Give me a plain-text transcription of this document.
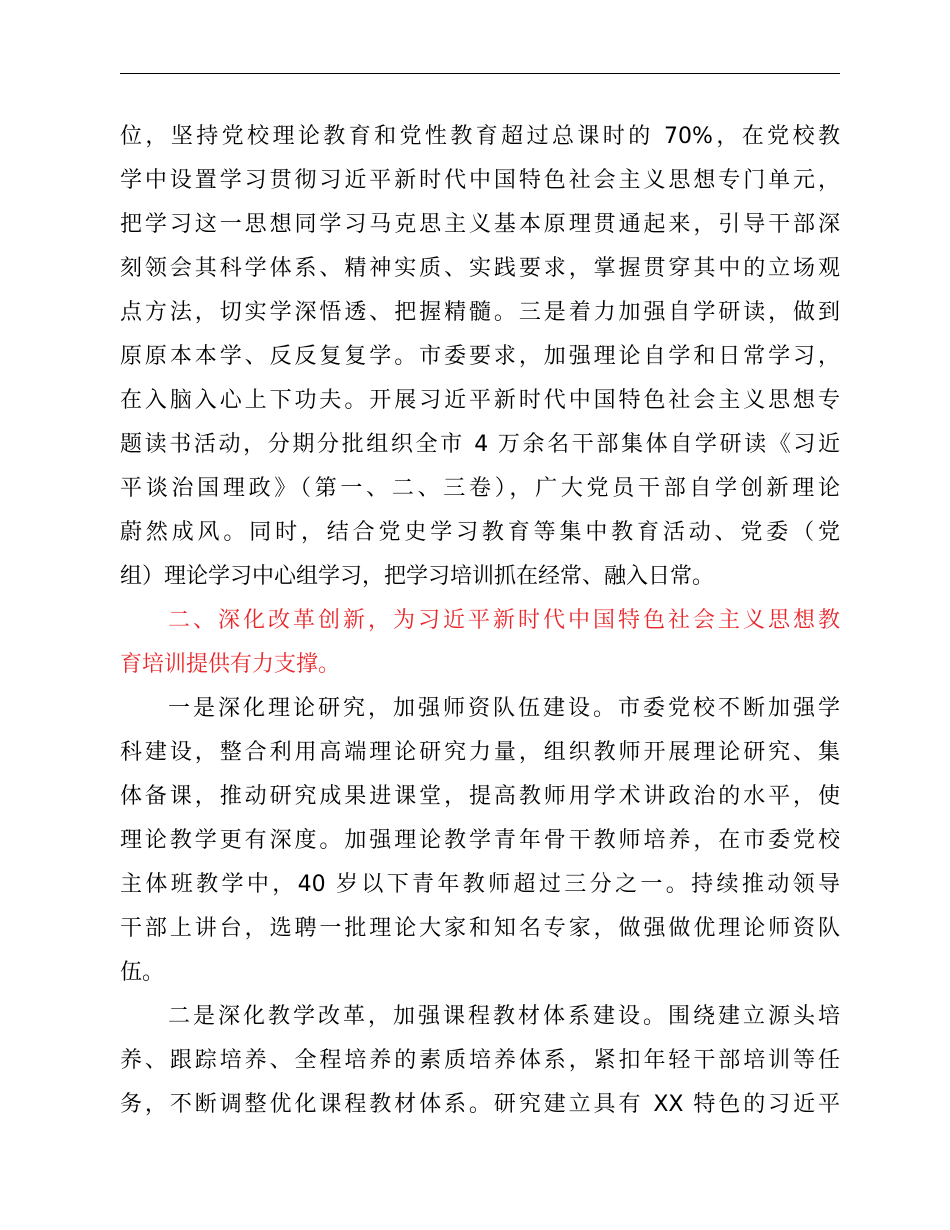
位，坚持党校理论教育和党性教育超过总课时的 70%，在党校教
学中设置学习贯彻习近平新时代中国特色社会主义思想专门单元，
把学习这一思想同学习马克思主义基本原理贯通起来，引导干部深
刻领会其科学体系、精神实质、实践要求，掌握贯穿其中的立场观
点方法，切实学深悟透、把握精髓。三是着力加强自学研读，做到
原原本本学、反反复复学。市委要求，加强理论自学和日常学习，
在入脑入心上下功夫。开展习近平新时代中国特色社会主义思想专
题读书活动，分期分批组织全市 4 万余名干部集体自学研读《习近
平谈治国理政》（第一、二、三卷），广大党员干部自学创新理论
蔚然成风。同时，结合党史学习教育等集中教育活动、党委（党
组）理论学习中心组学习，把学习培训抓在经常、融入日常。
二、深化改革创新，为习近平新时代中国特色社会主义思想教
育培训提供有力支撑。
一是深化理论研究，加强师资队伍建设。市委党校不断加强学
科建设，整合利用高端理论研究力量，组织教师开展理论研究、集
体备课，推动研究成果进课堂，提高教师用学术讲政治的水平，使
理论教学更有深度。加强理论教学青年骨干教师培养，在市委党校
主体班教学中，40 岁以下青年教师超过三分之一。持续推动领导
干部上讲台，选聘一批理论大家和知名专家，做强做优理论师资队
伍。
二是深化教学改革，加强课程教材体系建设。围绕建立源头培
养、跟踪培养、全程培养的素质培养体系，紧扣年轻干部培训等任
务，不断调整优化课程教材体系。研究建立具有 XX 特色的习近平
